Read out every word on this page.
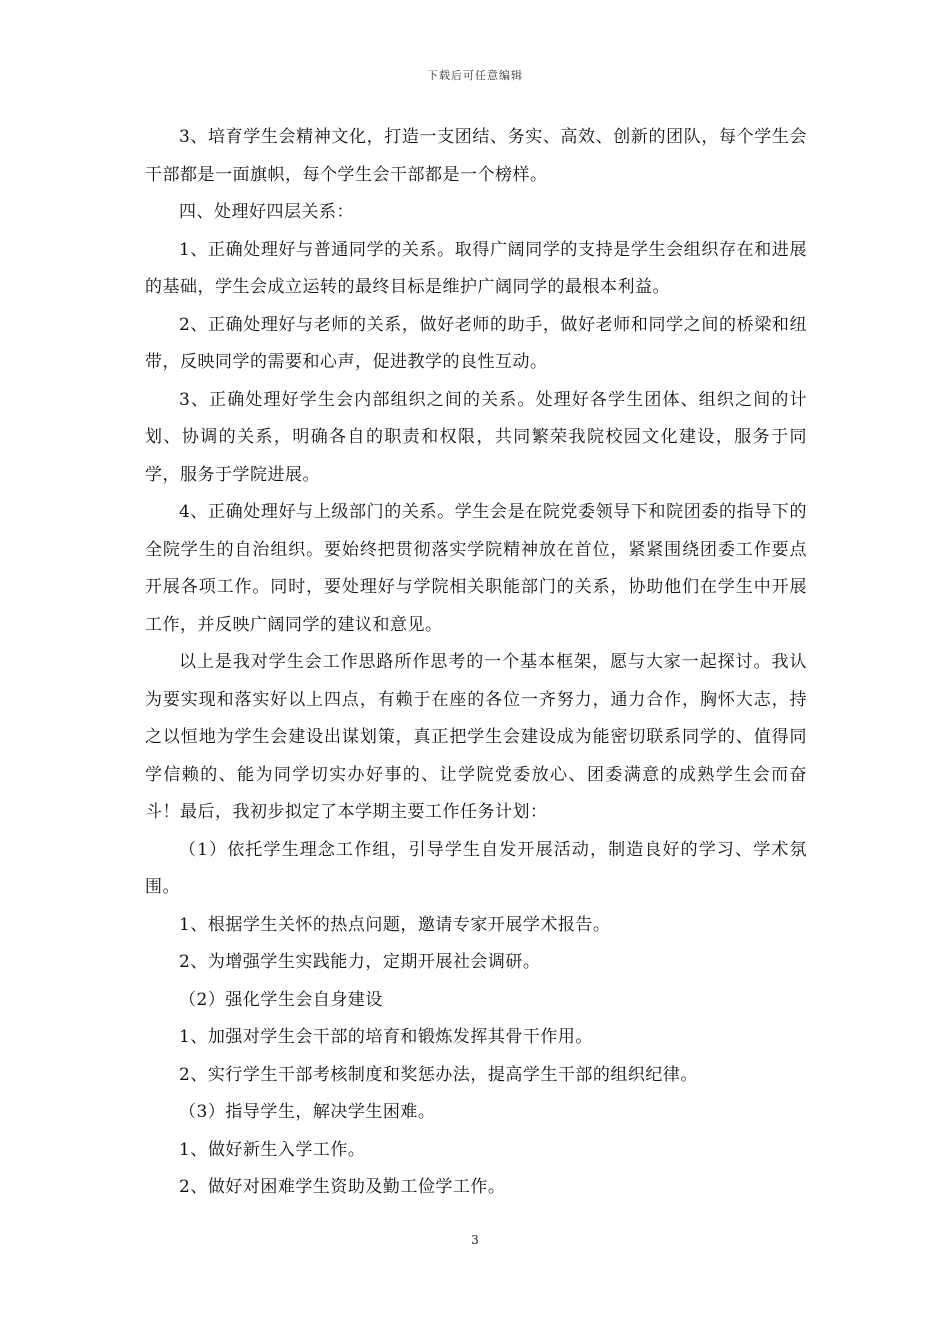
下载后可任意编辑

3、培育学生会精神文化，打造一支团结、务实、高效、创新的团队，每个学生会干部都是一面旗帜，每个学生会干部都是一个榜样。

四、处理好四层关系：

1、正确处理好与普通同学的关系。取得广阔同学的支持是学生会组织存在和进展的基础，学生会成立运转的最终目标是维护广阔同学的最根本利益。

2、正确处理好与老师的关系，做好老师的助手，做好老师和同学之间的桥梁和纽带，反映同学的需要和心声，促进教学的良性互动。

3、正确处理好学生会内部组织之间的关系。处理好各学生团体、组织之间的计划、协调的关系，明确各自的职责和权限，共同繁荣我院校园文化建设，服务于同学，服务于学院进展。

4、正确处理好与上级部门的关系。学生会是在院党委领导下和院团委的指导下的全院学生的自治组织。要始终把贯彻落实学院精神放在首位，紧紧围绕团委工作要点开展各项工作。同时，要处理好与学院相关职能部门的关系，协助他们在学生中开展工作，并反映广阔同学的建议和意见。

以上是我对学生会工作思路所作思考的一个基本框架，愿与大家一起探讨。我认为要实现和落实好以上四点，有赖于在座的各位一齐努力，通力合作，胸怀大志，持之以恒地为学生会建设出谋划策，真正把学生会建设成为能密切联系同学的、值得同学信赖的、能为同学切实办好事的、让学院党委放心、团委满意的成熟学生会而奋斗！最后，我初步拟定了本学期主要工作任务计划：

（1）依托学生理念工作组，引导学生自发开展活动，制造良好的学习、学术氛围。

1、根据学生关怀的热点问题，邀请专家开展学术报告。

2、为增强学生实践能力，定期开展社会调研。

（2）强化学生会自身建设

1、加强对学生会干部的培育和锻炼发挥其骨干作用。

2、实行学生干部考核制度和奖惩办法，提高学生干部的组织纪律。

（3）指导学生，解决学生困难。

1、做好新生入学工作。

2、做好对困难学生资助及勤工俭学工作。

3
